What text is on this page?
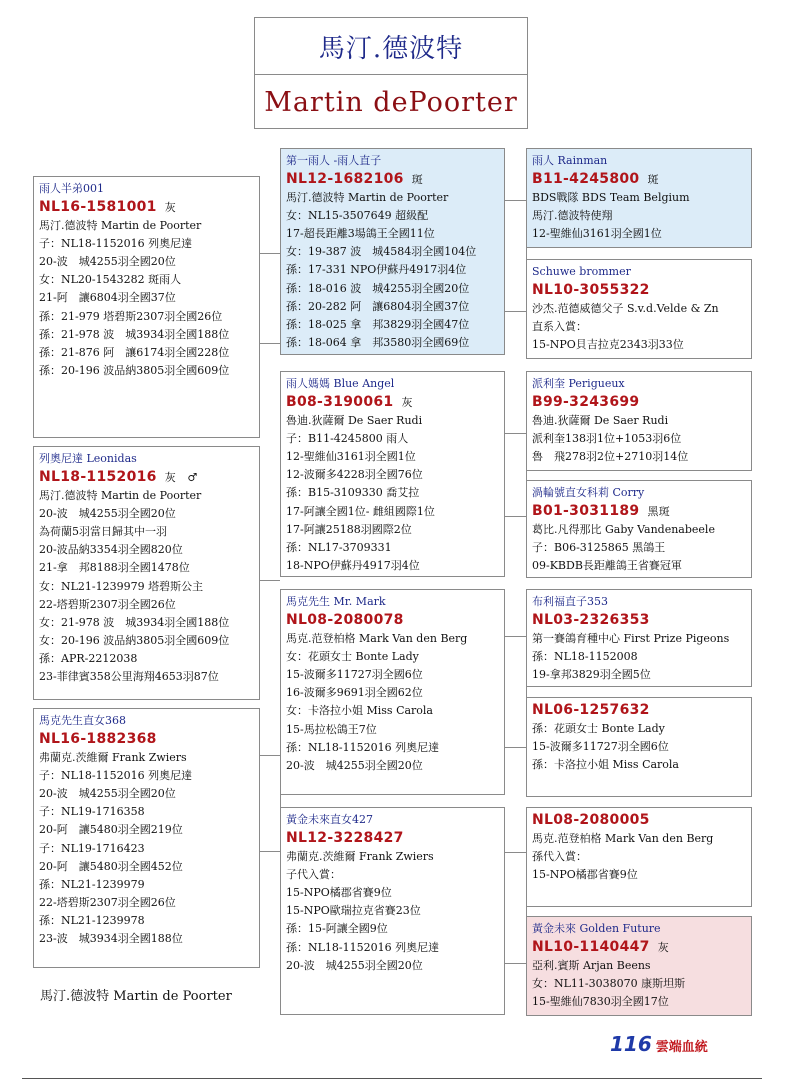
馬汀.德波特
Martin dePoorter
雨人半弟001
NL16-1581001 灰
馬汀.德波特 Martin de Poorter
子：NL18-1152016 列奧尼達
20-波　城4255羽全國20位
女：NL20-1543282 斑雨人
21-阿　讓6804羽全國37位
孫：21-979 塔碧斯2307羽全國26位
孫：21-978 波　城3934羽全國188位
孫：21-876 阿　讓6174羽全國228位
孫：20-196 波品納3805羽全國609位
列奧尼達 Leonidas
NL18-1152016 灰　♂
馬汀.德波特 Martin de Poorter
20-波　城4255羽全國20位
為荷蘭5羽當日歸其中一羽
20-波品納3354羽全國820位
21-拿　邦8188羽全國1478位
女：NL21-1239979 塔碧斯公主
22-塔碧斯2307羽全國26位
女：21-978 波　城3934羽全國188位
女：20-196 波品納3805羽全國609位
孫：APR-2212038
23-菲律賓358公里海翔4653羽87位
馬克先生直女368
NL16-1882368
弗蘭克.茨維爾 Frank Zwiers
子：NL18-1152016 列奧尼達
20-波　城4255羽全國20位
子：NL19-1716358
20-阿　讓5480羽全國219位
子：NL19-1716423
20-阿　讓5480羽全國452位
孫：NL21-1239979
22-塔碧斯2307羽全國26位
孫：NL21-1239978
23-波　城3934羽全國188位
第一雨人 -雨人直子
NL12-1682106 斑
馬汀.德波特 Martin de Poorter
女：NL15-3507649 超級配
17-超長距離3場鴿王全國11位
女：19-387 波　城4584羽全國104位
孫：17-331 NPO伊蘇丹4917羽4位
孫：18-016 波　城4255羽全國20位
孫：20-282 阿　讓6804羽全國37位
孫：18-025 拿　邦3829羽全國47位
孫：18-064 拿　邦3580羽全國69位
雨人媽媽 Blue Angel
B08-3190061 灰
魯迪.狄薩爾 De Saer Rudi
子：B11-4245800 雨人
12-聖維仙3161羽全國1位
12-波爾多4228羽全國76位
孫：B15-3109330 喬艾拉
17-阿讓全國1位- 雌組國際1位
17-阿讓25188羽國際2位
孫：NL17-3709331
18-NPO伊蘇丹4917羽4位
馬克先生 Mr. Mark
NL08-2080078
馬克.范登柏格 Mark Van den Berg
女：花頭女士 Bonte Lady
15-波爾多11727羽全國6位
16-波爾多9691羽全國62位
女：卡洛拉小姐 Miss Carola
15-馬拉松鴿王7位
孫：NL18-1152016 列奧尼達
20-波　城4255羽全國20位
黃金未來直女427
NL12-3228427
弗蘭克.茨維爾 Frank Zwiers
子代入賞：
15-NPO橘郡省賽9位
15-NPO歐瑞拉克省賽23位
孫：15-阿讓全國9位
孫：NL18-1152016 列奧尼達
20-波　城4255羽全國20位
雨人 Rainman
B11-4245800 斑
BDS戰隊 BDS Team Belgium
馬汀.德波特使翔
12-聖維仙3161羽全國1位
Schuwe brommer
NL10-3055322
沙杰.范德威德父子 S.v.d.Velde & Zn
直系入賞：
15-NPO貝吉拉克2343羽33位
派利奎 Perigueux
B99-3243699
魯迪.狄薩爾 De Saer Rudi
派利奎138羽1位+1053羽6位
魯　飛278羽2位+2710羽14位
渦輪號直女科莉 Corry
B01-3031189 黑斑
葛比.凡得那比 Gaby Vandenabeele
子：B06-3125865 黑鴿王
09-KBDB長距離鴿王省賽冠軍
布利福直子353
NL03-2326353
第一賽鴿育種中心 First Prize Pigeons
孫：NL18-1152008
19-拿邦3829羽全國5位
NL06-1257632
孫：花頭女士 Bonte Lady
15-波爾多11727羽全國6位
孫：卡洛拉小姐 Miss Carola
NL08-2080005
馬克.范登柏格 Mark Van den Berg
孫代入賞：
15-NPO橘郡省賽9位
黃金未來 Golden Future
NL10-1140447 灰
亞利.賓斯 Arjan Beens
女：NL11-3038070 康斯坦斯
15-聖維仙7830羽全國17位
馬汀.德波特 Martin de Poorter
116 雲端血統
